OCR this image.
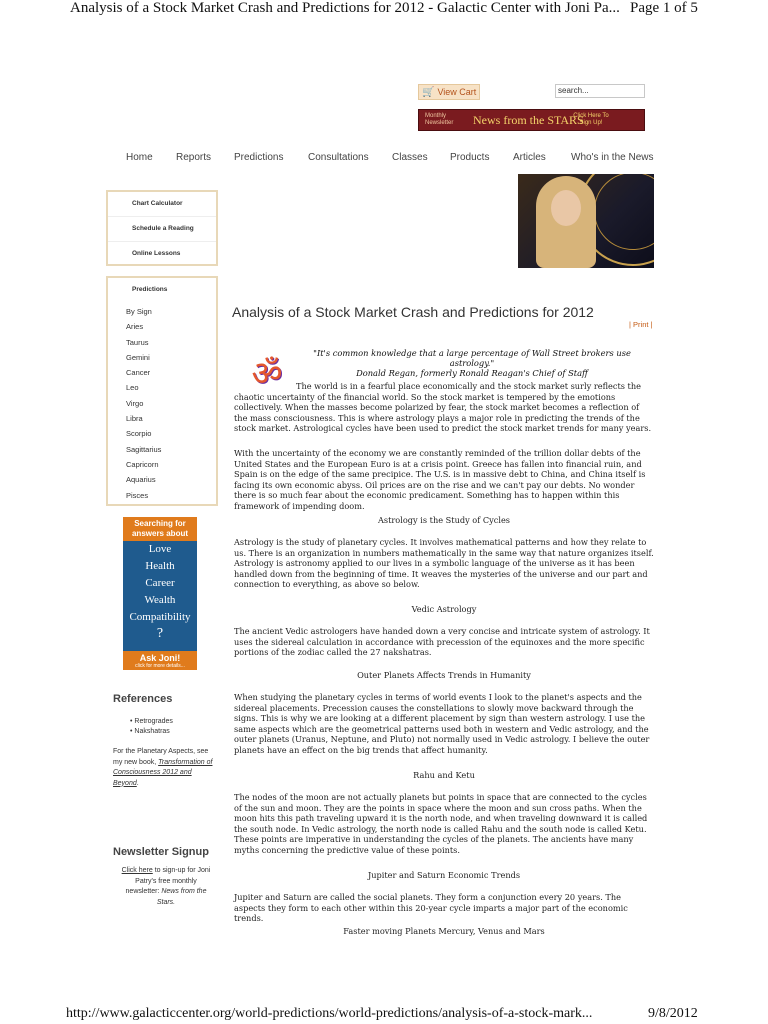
Analysis of a Stock Market Crash and Predictions for 2012 - Galactic Center with Joni Pa... Page 1 of 5
🛒 View Cart	search...
Monthly Newsletter News from the STARS
Click Here To Sign Up!
Home Reports Predictions Consultations Classes Products Articles	Who's in the News
Chart Calculator
Schedule a Reading
Online Lessons
Predictions
By Sign
Aries
Taurus
Gemini
Cancer
Leo
Virgo
Libra
Scorpio
Sagittarius
Capricorn
Aquarius
Pisces
Searching for answers about
Love
Health
Career
Wealth
Compatibility
?
Ask Joni!
click for more details...
References
• Retrogrades
• Nakshatras
For the Planetary Aspects, see my new book, Transformation of Consciousness 2012 and Beyond.
Newsletter Signup
Click here to sign-up for Joni Patry's free monthly newsletter: News from the Stars.
Analysis of a Stock Market Crash and Predictions for 2012
| Print |
ॐ
"It's common knowledge that a large percentage of Wall Street brokers use astrology."
Donald Regan, formerly Ronald Reagan's Chief of Staff
The world is in a fearful place economically and the stock market surly reflects the chaotic uncertainty of the financial world. So the stock market is tempered by the emotions collectively. When the masses become polarized by fear, the stock market becomes a reflection of the mass consciousness. This is where astrology plays a major role in predicting the trends of the stock market. Astrological cycles have been used to predict the stock market trends for many years.
With the uncertainty of the economy we are constantly reminded of the trillion dollar debts of the United States and the European Euro is at a crisis point. Greece has fallen into financial ruin, and Spain is on the edge of the same precipice. The U.S. is in massive debt to China, and China itself is facing its own economic abyss. Oil prices are on the rise and we can't pay our debts. No wonder there is so much fear about the economic predicament. Something has to happen within this framework of impending doom.
Astrology is the Study of Cycles
Astrology is the study of planetary cycles. It involves mathematical patterns and how they relate to us. There is an organization in numbers mathematically in the same way that nature organizes itself. Astrology is astronomy applied to our lives in a symbolic language of the universe as it has been handled down from the beginning of time. It weaves the mysteries of the universe and our part and connection to everything, as above so below.
Vedic Astrology
The ancient Vedic astrologers have handed down a very concise and intricate system of astrology. It uses the sidereal calculation in accordance with precession of the equinoxes and the more specific portions of the zodiac called the 27 nakshatras.
Outer Planets Affects Trends in Humanity
When studying the planetary cycles in terms of world events I look to the planet's aspects and the sidereal placements. Precession causes the constellations to slowly move backward through the signs. This is why we are looking at a different placement by sign than western astrology. I use the same aspects which are the geometrical patterns used both in western and Vedic astrology, and the outer planets (Uranus, Neptune, and Pluto) not normally used in Vedic astrology. I believe the outer planets have an effect on the big trends that affect humanity.
Rahu and Ketu
The nodes of the moon are not actually planets but points in space that are connected to the cycles of the sun and moon. They are the points in space where the moon and sun cross paths. When the moon hits this path traveling upward it is the north node, and when traveling downward it is called the south node. In Vedic astrology, the north node is called Rahu and the south node is called Ketu. These points are imperative in understanding the cycles of the planets. The ancients have many myths concerning the predictive value of these points.
Jupiter and Saturn Economic Trends
Jupiter and Saturn are called the social planets. They form a conjunction every 20 years. The aspects they form to each other within this 20-year cycle imparts a major part of the economic trends.
Faster moving Planets Mercury, Venus and Mars
http://www.galacticcenter.org/world-predictions/world-predictions/analysis-of-a-stock-mark...	9/8/2012
